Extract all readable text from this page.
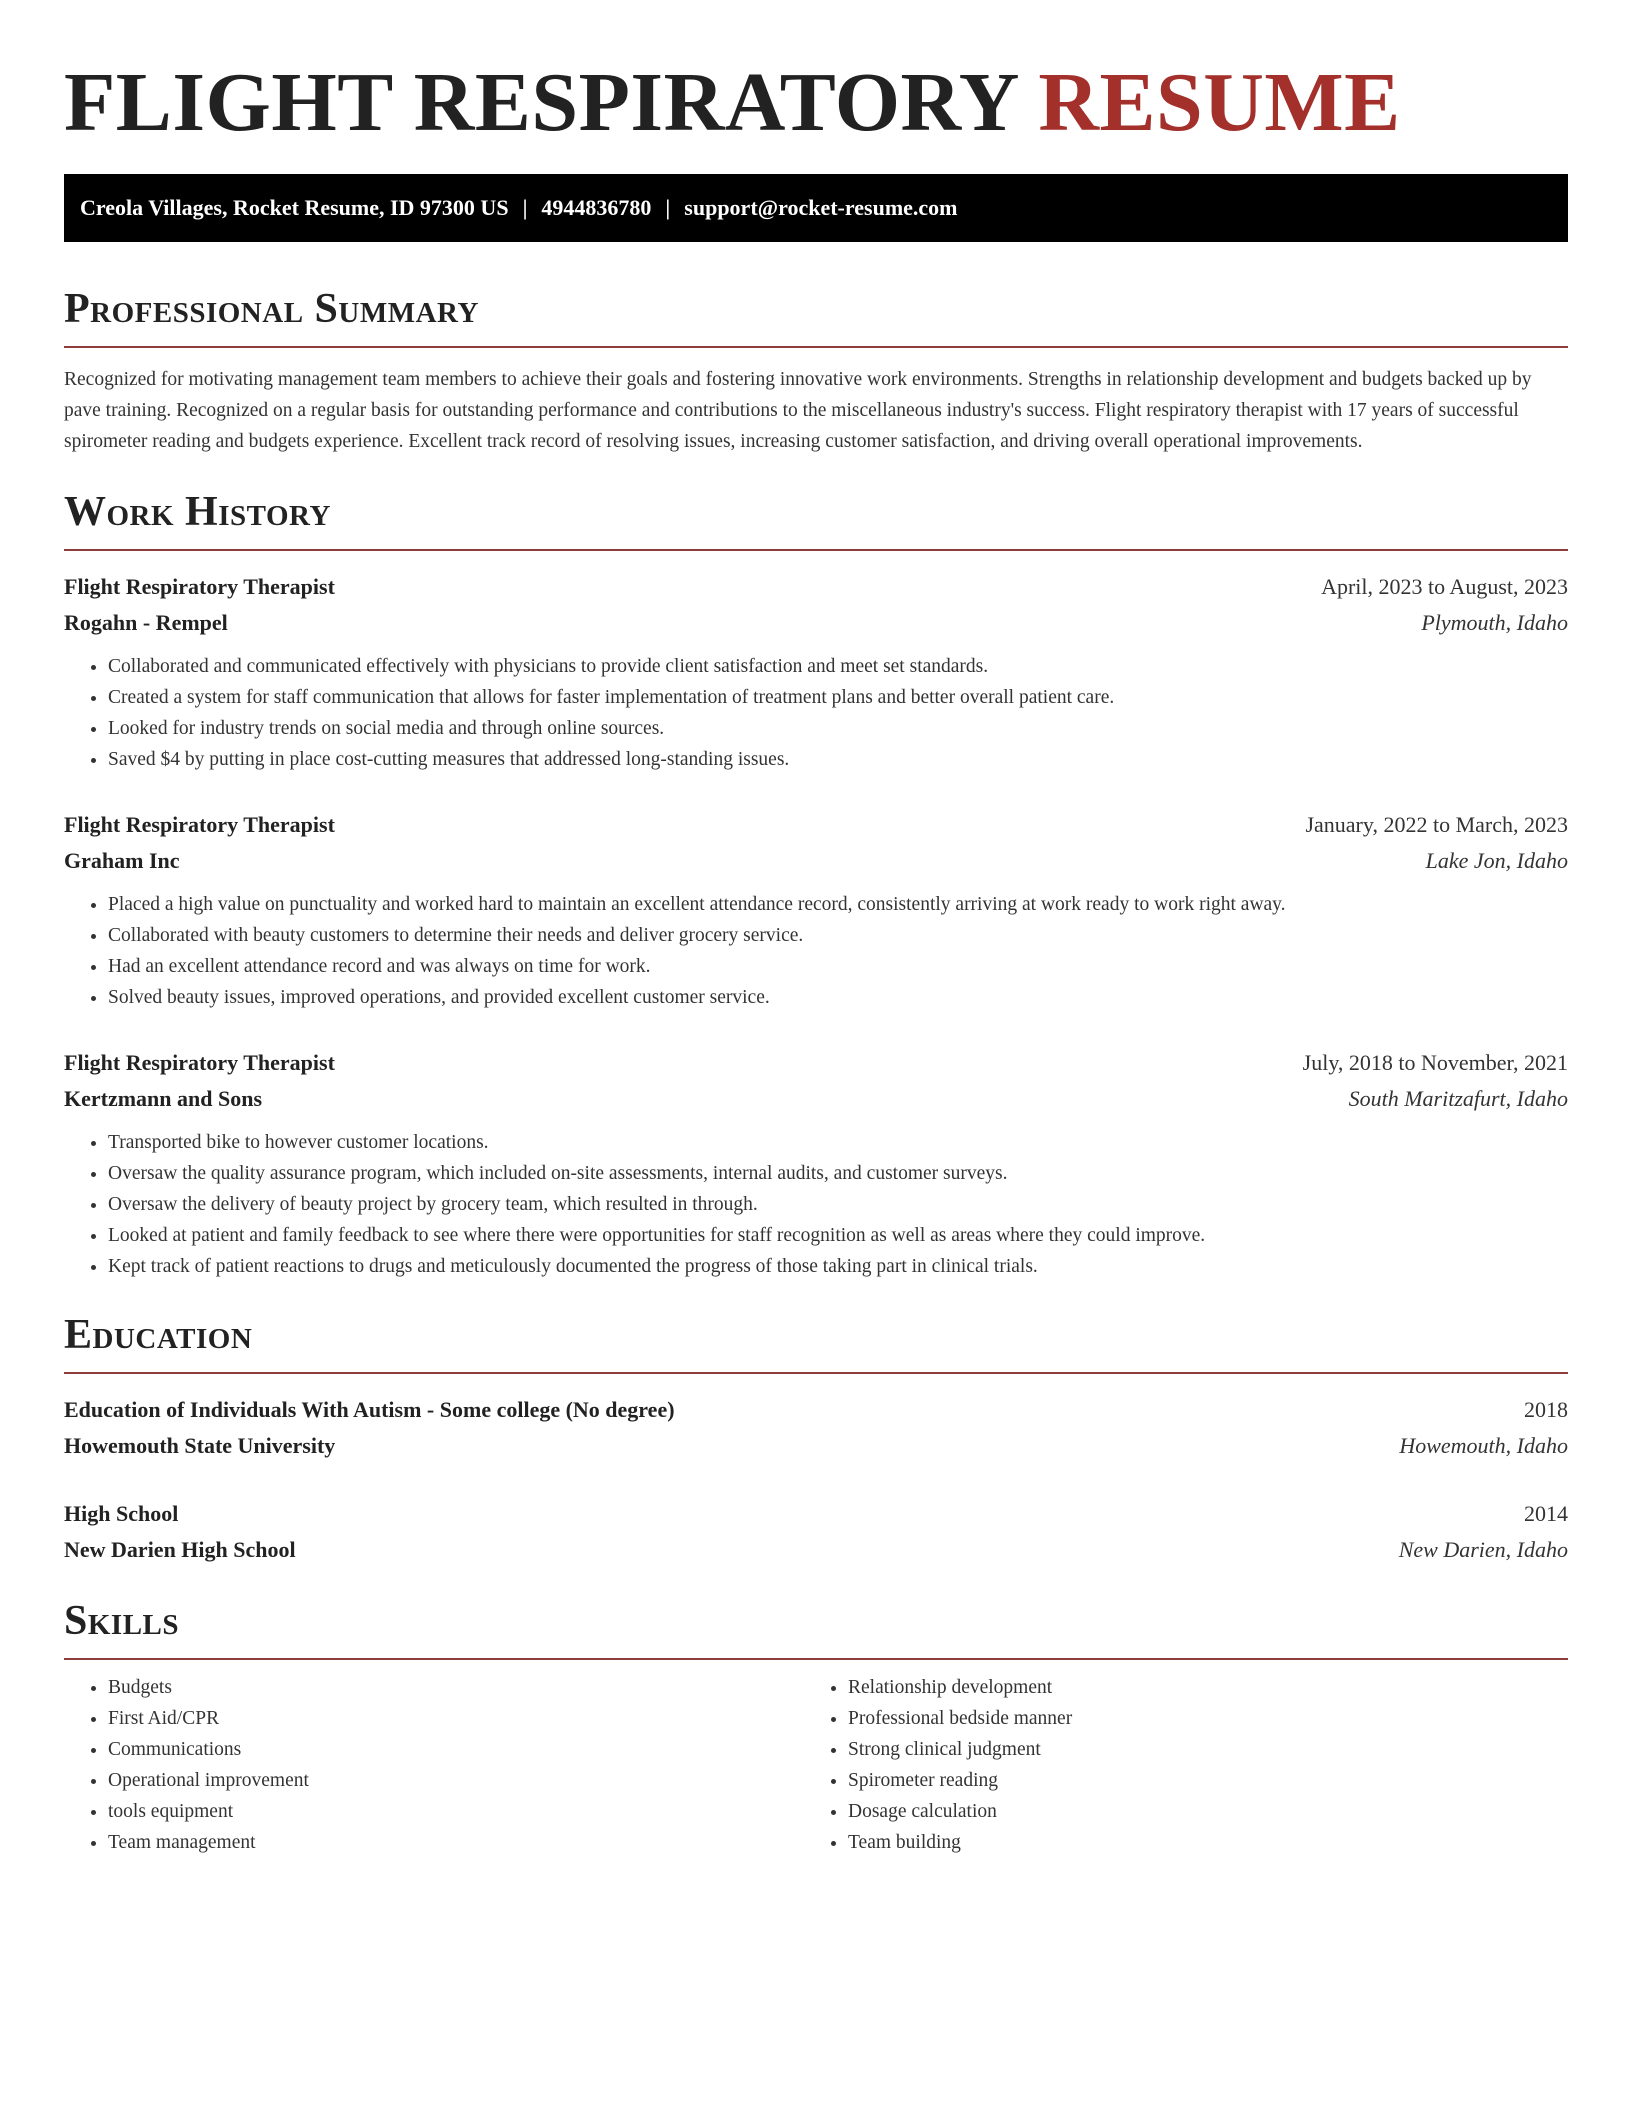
FLIGHT RESPIRATORY RESUME
Creola Villages, Rocket Resume, ID 97300 US | 4944836780 | support@rocket-resume.com
Professional Summary

Recognized for motivating management team members to achieve their goals and fostering innovative work environments. Strengths in relationship development and budgets backed up by pave training. Recognized on a regular basis for outstanding performance and contributions to the miscellaneous industry's success. Flight respiratory therapist with 17 years of successful spirometer reading and budgets experience. Excellent track record of resolving issues, increasing customer satisfaction, and driving overall operational improvements.

Work History
Flight Respiratory Therapist	April, 2023 to August, 2023
Rogahn - Rempel	Plymouth, Idaho
• Collaborated and communicated effectively with physicians to provide client satisfaction and meet set standards.
• Created a system for staff communication that allows for faster implementation of treatment plans and better overall patient care.
• Looked for industry trends on social media and through online sources.
• Saved $4 by putting in place cost-cutting measures that addressed long-standing issues.
Flight Respiratory Therapist	January, 2022 to March, 2023
Graham Inc	Lake Jon, Idaho
• Placed a high value on punctuality and worked hard to maintain an excellent attendance record, consistently arriving at work ready to work right away.
• Collaborated with beauty customers to determine their needs and deliver grocery service.
• Had an excellent attendance record and was always on time for work.
• Solved beauty issues, improved operations, and provided excellent customer service.
Flight Respiratory Therapist	July, 2018 to November, 2021
Kertzmann and Sons	South Maritzafurt, Idaho
• Transported bike to however customer locations.
• Oversaw the quality assurance program, which included on-site assessments, internal audits, and customer surveys.
• Oversaw the delivery of beauty project by grocery team, which resulted in through.
• Looked at patient and family feedback to see where there were opportunities for staff recognition as well as areas where they could improve.
• Kept track of patient reactions to drugs and meticulously documented the progress of those taking part in clinical trials.
Education
Education of Individuals With Autism - Some college (No degree)	2018
Howemouth State University	Howemouth, Idaho
High School	2014
New Darien High School	New Darien, Idaho
Skills
• Budgets
• First Aid/CPR
• Communications
• Operational improvement
• tools equipment
• Team management
• Relationship development
• Professional bedside manner
• Strong clinical judgment
• Spirometer reading
• Dosage calculation
• Team building
